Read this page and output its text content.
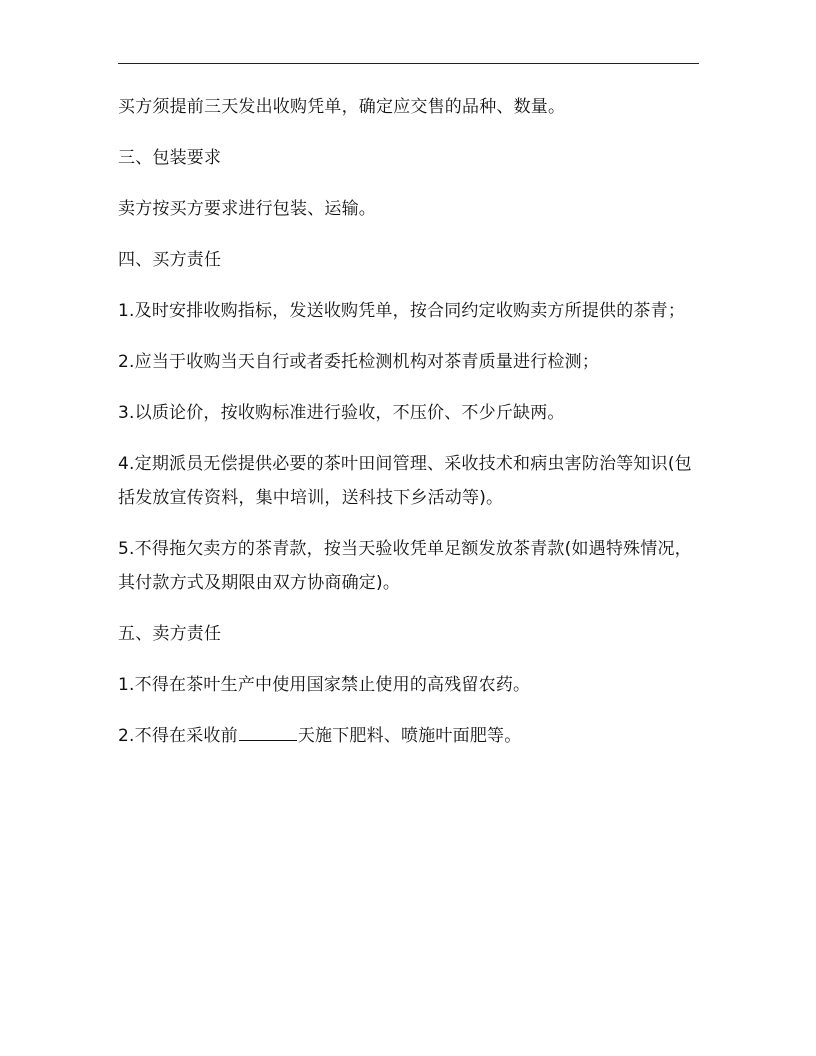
买方须提前三天发出收购凭单，确定应交售的品种、数量。

三、包装要求

卖方按买方要求进行包装、运输。

四、买方责任

1.及时安排收购指标，发送收购凭单，按合同约定收购卖方所提供的茶青；

2.应当于收购当天自行或者委托检测机构对茶青质量进行检测；

3.以质论价，按收购标准进行验收，不压价、不少斤缺两。

4.定期派员无偿提供必要的茶叶田间管理、采收技术和病虫害防治等知识(包括发放宣传资料，集中培训，送科技下乡活动等)。

5.不得拖欠卖方的茶青款，按当天验收凭单足额发放茶青款(如遇特殊情况，其付款方式及期限由双方协商确定)。

五、卖方责任

1.不得在茶叶生产中使用国家禁止使用的高残留农药。

2.不得在采收前	天施下肥料、喷施叶面肥等。
